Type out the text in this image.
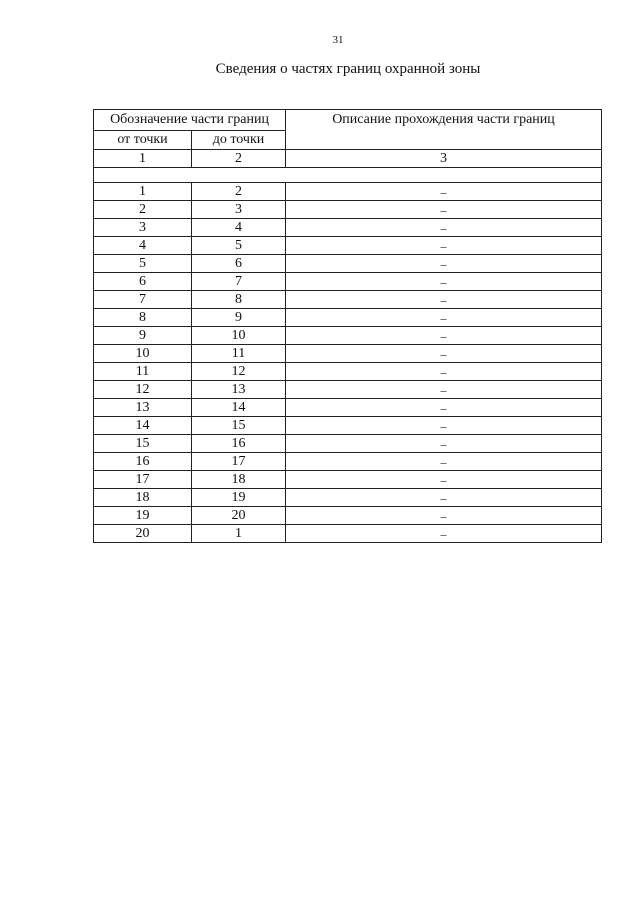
31
Сведения о частях границ охранной зоны
Обозначение части границ		Описание прохождения части границ
от точки	до точки	
1	2	3

1	2	–
2	3	–
3	4	–
4	5	–
5	6	–
6	7	–
7	8	–
8	9	–
9	10	–
10	11	–
11	12	–
12	13	–
13	14	–
14	15	–
15	16	–
16	17	–
17	18	–
18	19	–
19	20	–
20	1	–
